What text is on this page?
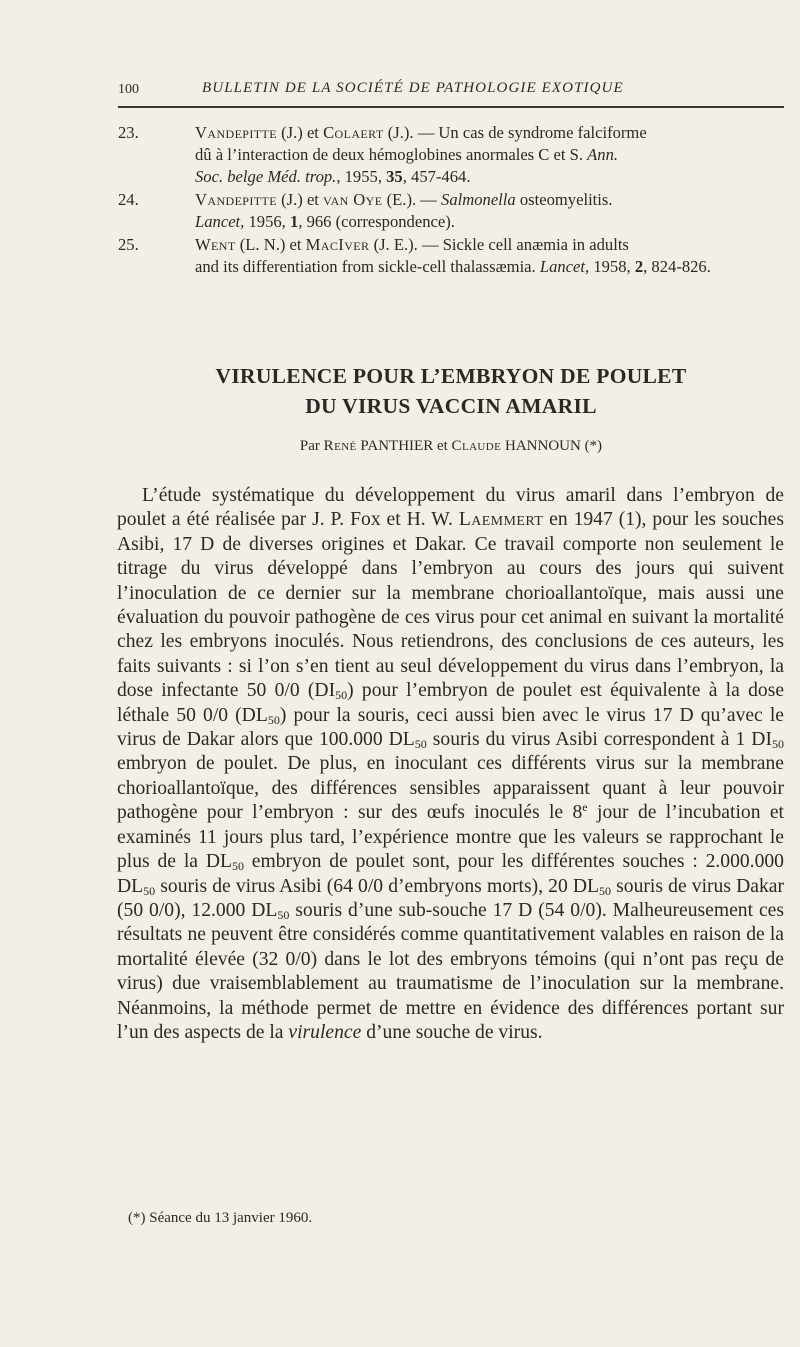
100	BULLETIN DE LA SOCIÉTÉ DE PATHOLOGIE EXOTIQUE
23.	Vandepitte (J.) et Colaert (J.). — Un cas de syndrome falciforme
dû à l’interaction de deux hémoglobines anormales C et S. Ann.
Soc. belge Méd. trop., 1955, 35, 457-464.
24.	Vandepitte (J.) et van Oye (E.). — Salmonella osteomyelitis.
Lancet, 1956, 1, 966 (correspondence).
25.	Went (L. N.) et MacIver (J. E.). — Sickle cell anæmia in adults
and its differentiation from sickle-cell thalassæmia. Lancet, 1958, 2, 824-826.
VIRULENCE POUR L’EMBRYON DE POULET
DU VIRUS VACCIN AMARIL
Par René PANTHIER et Claude HANNOUN (*)

L’étude systématique du développement du virus amaril dans l’embryon de poulet a été réalisée par J. P. Fox et H. W. Laemmert en 1947 (1), pour les souches Asibi, 17 D de diverses origines et Dakar. Ce travail comporte non seulement le titrage du virus développé dans l’embryon au cours des jours qui suivent l’inoculation de ce dernier sur la membrane chorioallantoïque, mais aussi une évaluation du pouvoir pathogène de ces virus pour cet animal en suivant la mortalité chez les embryons inoculés. Nous retiendrons, des conclusions de ces auteurs, les faits suivants : si l’on s’en tient au seul développement du virus dans l’embryon, la dose infectante 50 0/0 $(DI_{50})$ pour l’embryon de poulet est équivalente à la dose léthale 50 0/0 $(DL_{50})$ pour la souris, ceci aussi bien avec le virus 17 D qu’avec le virus de Dakar alors que 100.000 $DL_{50}$ souris du virus Asibi correspondent à 1 $DI_{50}$ embryon de poulet. De plus, en inoculant ces différents virus sur la membrane chorioallantoïque, des différences sensibles apparaissent quant à leur pouvoir pathogène pour l’embryon : sur des œufs inoculés le 8e jour de l’incubation et examinés 11 jours plus tard, l’expérience montre que les valeurs se rapprochant le plus de la $DL_{50}$ embryon de poulet sont, pour les différentes souches : 2.000.000 $DL_{50}$ souris de virus Asibi (64 0/0 d’embryons morts), 20 $DL_{50}$ souris de virus Dakar (50 0/0), 12.000 $DL_{50}$ souris d’une sub-souche 17 D (54 0/0). Malheureusement ces résultats ne peuvent être considérés comme quantitativement valables en raison de la mortalité élevée (32 0/0) dans le lot des embryons témoins (qui n’ont pas reçu de virus) due vraisemblablement au traumatisme de l’inoculation sur la membrane. Néanmoins, la méthode permet de mettre en évidence des différences portant sur l’un des aspects de la virulence d’une souche de virus.

(*) Séance du 13 janvier 1960.
